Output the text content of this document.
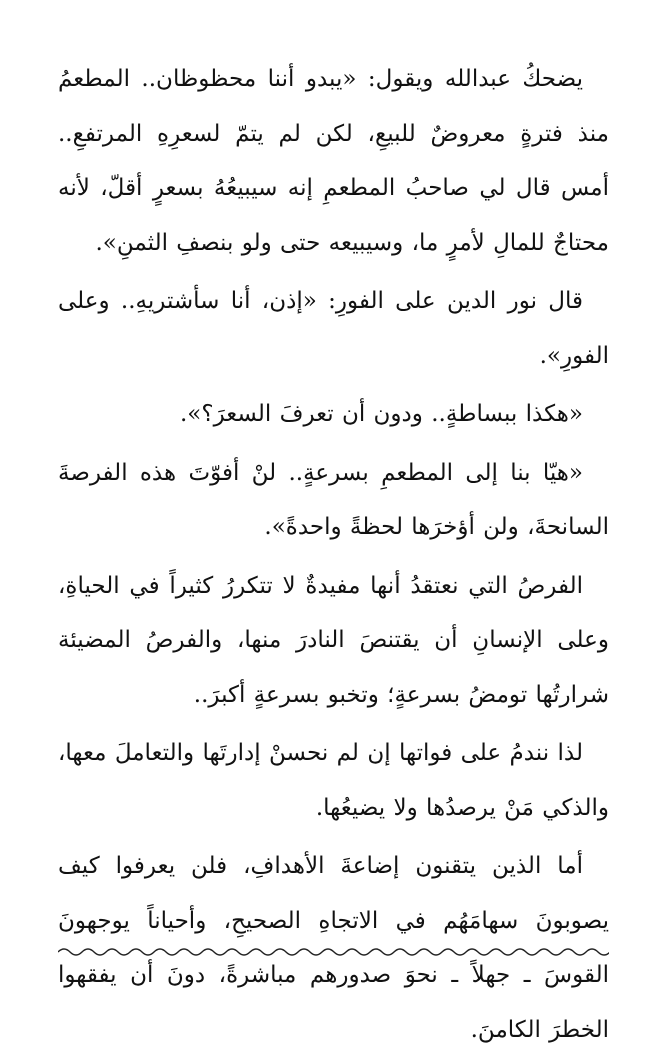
يضحكُ عبدالله ويقول: «يبدو أننا محظوظان.. المطعمُ منذ فترةٍ معروضٌ للبيعِ، لكن لم يتمّ لسعرِهِ المرتفعِ.. أمس قال لي صاحبُ المطعمِ إنه سيبيعُهُ بسعرٍ أقلّ، لأنه محتاجٌ للمالِ لأمرٍ ما، وسيبيعه حتى ولو بنصفِ الثمنِ».

قال نور الدين على الفورِ: «إذن، أنا سأشتريهِ.. وعلى الفورِ».

«هكذا ببساطةٍ.. ودون أن تعرفَ السعرَ؟».

«هيّا بنا إلى المطعمِ بسرعةٍ.. لنْ أفوّتَ هذه الفرصةَ السانحةَ، ولن أؤخرَها لحظةً واحدةً».

الفرصُ التي نعتقدُ أنها مفيدةٌ لا تتكررُ كثيراً في الحياةِ، وعلى الإنسانِ أن يقتنصَ النادرَ منها، والفرصُ المضيئة شرارتُها تومضُ بسرعةٍ؛ وتخبو بسرعةٍ أكبرَ..

لذا نندمُ على فواتها إن لم نحسنْ إدارتَها والتعاملَ معها، والذكي مَنْ يرصدُها ولا يضيعُها.

أما الذين يتقنون إضاعةَ الأهدافِ، فلن يعرفوا كيف يصوبونَ سهامَهُم في الاتجاهِ الصحيحِ، وأحياناً يوجهونَ القوسَ ـ جهلاً ـ نحوَ صدورهم مباشرةً، دونَ أن يفقهوا الخطرَ الكامنَ.
